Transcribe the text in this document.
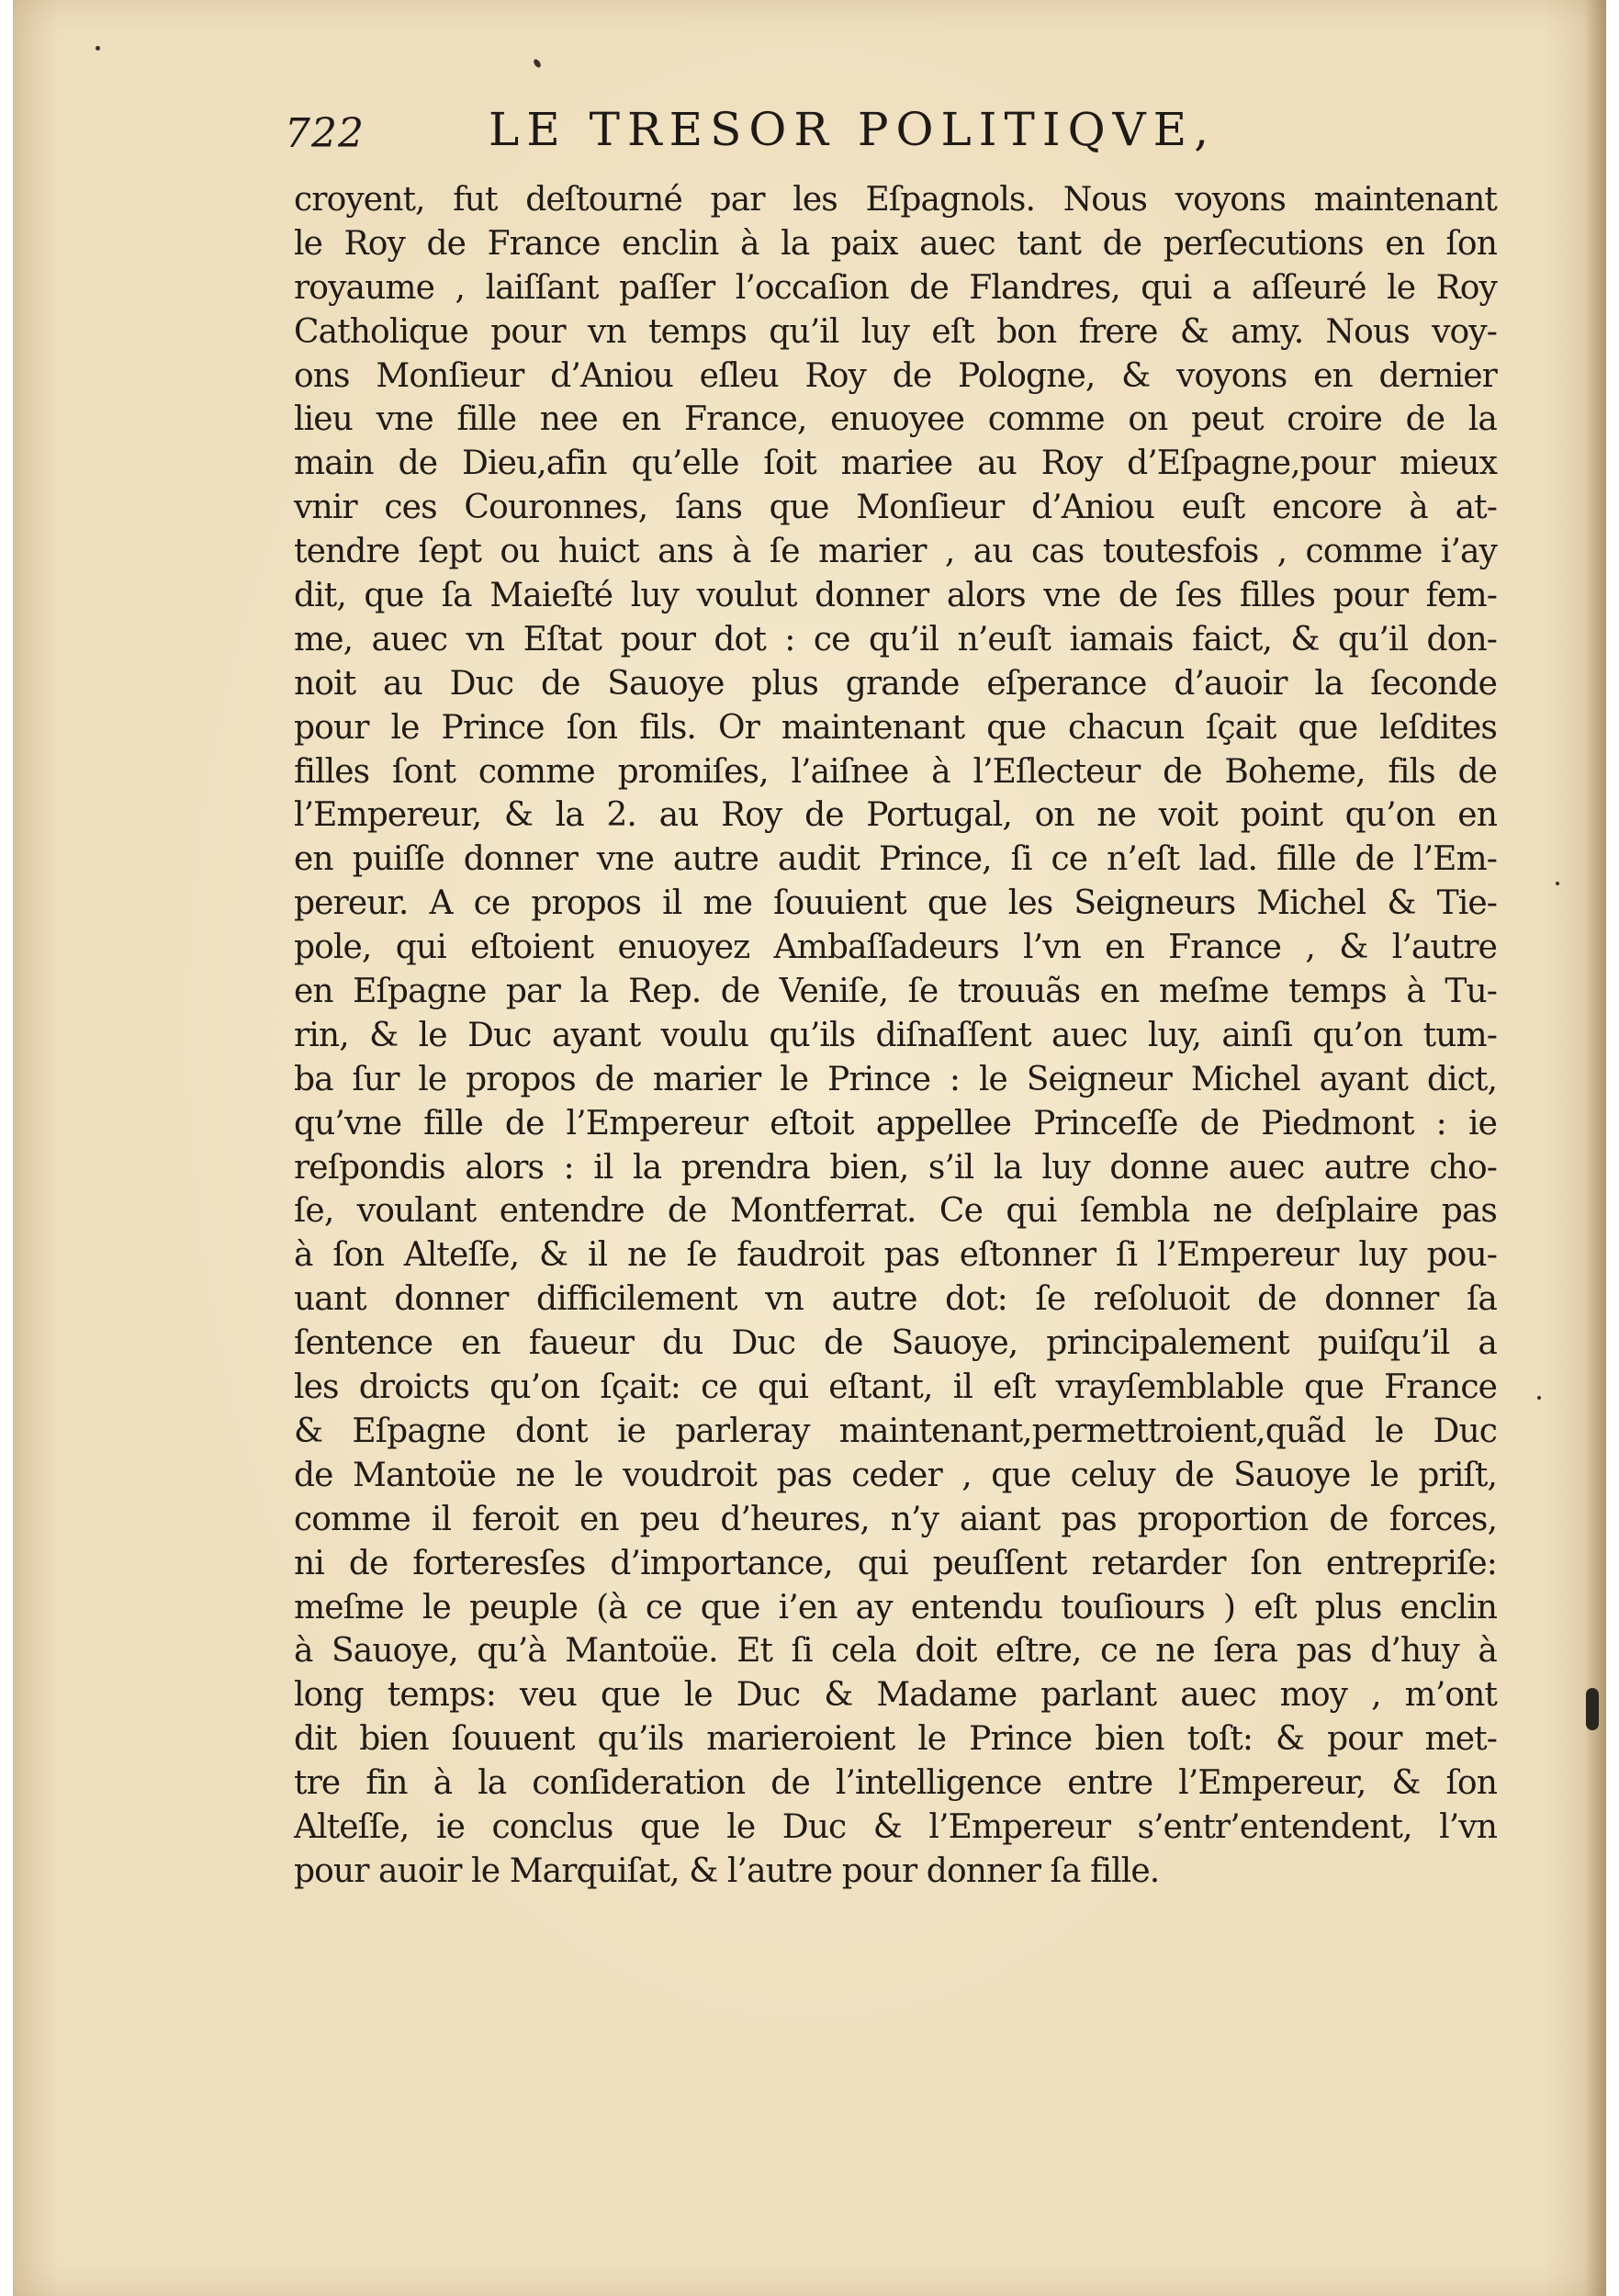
722	LE TRESOR POLITIQVE,
croyent, fut deſtourné par les Eſpagnols. Nous voyons maintenant
le Roy de France enclin à la paix auec tant de perſecutions en ſon
royaume , laiſſant paſſer l’occaſion de Flandres, qui a aſſeuré le Roy
Catholique pour vn temps qu’il luy eſt bon frere & amy. Nous voy-
ons Monſieur d’Aniou eſleu Roy de Pologne, & voyons en dernier
lieu vne fille nee en France, enuoyee comme on peut croire de la
main de Dieu,afin qu’elle ſoit mariee au Roy d’Eſpagne,pour mieux
vnir ces Couronnes, ſans que Monſieur d’Aniou euſt encore à at-
tendre ſept ou huict ans à ſe marier , au cas toutesfois , comme i’ay
dit, que ſa Maieſté luy voulut donner alors vne de ſes filles pour fem-
me, auec vn Eſtat pour dot : ce qu’il n’euſt iamais faict, & qu’il don-
noit au Duc de Sauoye plus grande eſperance d’auoir la ſeconde
pour le Prince ſon fils. Or maintenant que chacun ſçait que leſdites
filles ſont comme promiſes, l’aiſnee à l’Eſlecteur de Boheme, fils de
l’Empereur, & la 2. au Roy de Portugal, on ne voit point qu’on en
en puiſſe donner vne autre audit Prince, ſi ce n’eſt lad. fille de l’Em-
pereur. A ce propos il me ſouuient que les Seigneurs Michel & Tie-
pole, qui eſtoient enuoyez Ambaſſadeurs l’vn en France , & l’autre
en Eſpagne par la Rep. de Veniſe, ſe trouuãs en meſme temps à Tu-
rin, & le Duc ayant voulu qu’ils diſnaſſent auec luy, ainſi qu’on tum-
ba ſur le propos de marier le Prince : le Seigneur Michel ayant dict,
qu’vne fille de l’Empereur eſtoit appellee Princeſſe de Piedmont : ie
reſpondis alors : il la prendra bien, s’il la luy donne auec autre cho-
ſe, voulant entendre de Montferrat. Ce qui ſembla ne deſplaire pas
à ſon Alteſſe, & il ne ſe faudroit pas eſtonner ſi l’Empereur luy pou-
uant donner difficilement vn autre dot: ſe reſoluoit de donner ſa
ſentence en faueur du Duc de Sauoye, principalement puiſqu’il a
les droicts qu’on ſçait: ce qui eſtant, il eſt vrayſemblable que France
& Eſpagne dont ie parleray maintenant,permettroient,quãd le Duc
de Mantoüe ne le voudroit pas ceder , que celuy de Sauoye le priſt,
comme il feroit en peu d’heures, n’y aiant pas proportion de forces,
ni de forteresſes d’importance, qui peuſſent retarder ſon entrepriſe:
meſme le peuple (à ce que i’en ay entendu touſiours ) eſt plus enclin
à Sauoye, qu’à Mantoüe. Et ſi cela doit eſtre, ce ne ſera pas d’huy à
long temps: veu que le Duc & Madame parlant auec moy , m’ont
dit bien ſouuent qu’ils marieroient le Prince bien toſt: & pour met-
tre fin à la conſideration de l’intelligence entre l’Empereur, & ſon
Alteſſe, ie conclus que le Duc & l’Empereur s’entr’entendent, l’vn
pour auoir le Marquiſat, & l’autre pour donner ſa fille.
